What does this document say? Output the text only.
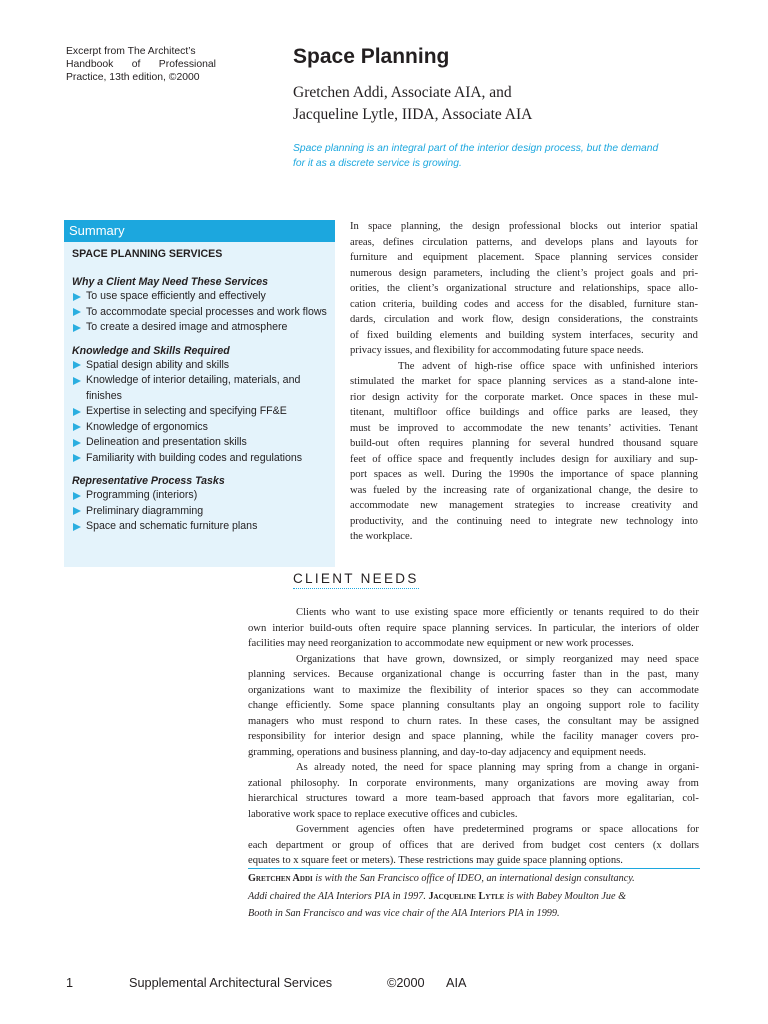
Excerpt from The Architect’s
Handbook of Professional
Practice, 13th edition, ©2000
Space Planning
Gretchen Addi, Associate AIA, and
Jacqueline Lytle, IIDA, Associate AIA
Space planning is an integral part of the interior design process, but the demand
for it as a discrete service is growing.
Summary
SPACE PLANNING SERVICES
Why a Client May Need These Services
To use space efficiently and effectively
To accommodate special processes and work flows
To create a desired image and atmosphere
Knowledge and Skills Required
Spatial design ability and skills
Knowledge of interior detailing, materials, and finishes
Expertise in selecting and specifying FF&E
Knowledge of ergonomics
Delineation and presentation skills
Familiarity with building codes and regulations
Representative Process Tasks
Programming (interiors)
Preliminary diagramming
Space and schematic furniture plans
In space planning, the design professional blocks out interior spatial
areas, defines circulation patterns, and develops plans and layouts for
furniture and equipment placement. Space planning services consider
numerous design parameters, including the client’s project goals and pri-
orities, the client’s organizational structure and relationships, space allo-
cation criteria, building codes and access for the disabled, furniture stan-
dards, circulation and work flow, design considerations, the constraints
of fixed building elements and building system interfaces, security and
privacy issues, and flexibility for accommodating future space needs.
The advent of high-rise office space with unfinished interiors
stimulated the market for space planning services as a stand-alone inte-
rior design activity for the corporate market. Once spaces in these mul-
titenant, multifloor office buildings and office parks are leased, they
must be improved to accommodate the new tenants’ activities. Tenant
build-out often requires planning for several hundred thousand square
feet of office space and frequently includes design for auxiliary and sup-
port spaces as well. During the 1990s the importance of space planning
was fueled by the increasing rate of organizational change, the desire to
accommodate new management strategies to increase creativity and
productivity, and the continuing need to integrate new technology into
the workplace.
CLIENT NEEDS
Clients who want to use existing space more efficiently or tenants required to do their
own interior build-outs often require space planning services. In particular, the interiors of older
facilities may need reorganization to accommodate new equipment or new work processes.
Organizations that have grown, downsized, or simply reorganized may need space
planning services. Because organizational change is occurring faster than in the past, many
organizations want to maximize the flexibility of interior spaces so they can accommodate
change efficiently. Some space planning consultants play an ongoing support role to facility
managers who must respond to churn rates. In these cases, the consultant may be assigned
responsibility for interior design and space planning, while the facility manager covers pro-
gramming, operations and business planning, and day-to-day adjacency and equipment needs.
As already noted, the need for space planning may spring from a change in organi-
zational philosophy. In corporate environments, many organizations are moving away from
hierarchical structures toward a more team-based approach that favors more egalitarian, col-
laborative work space to replace executive offices and cubicles.
Government agencies often have predetermined programs or space allocations for
each department or group of offices that are derived from budget cost centers (x dollars
equates to x square feet or meters). These restrictions may guide space planning options.
Gretchen Addi is with the San Francisco office of IDEO, an international design consultancy.
Addi chaired the AIA Interiors PIA in 1997. Jacqueline Lytle is with Babey Moulton Jue &
Booth in San Francisco and was vice chair of the AIA Interiors PIA in 1999.
1	Supplemental Architectural Services	©2000 AIA
